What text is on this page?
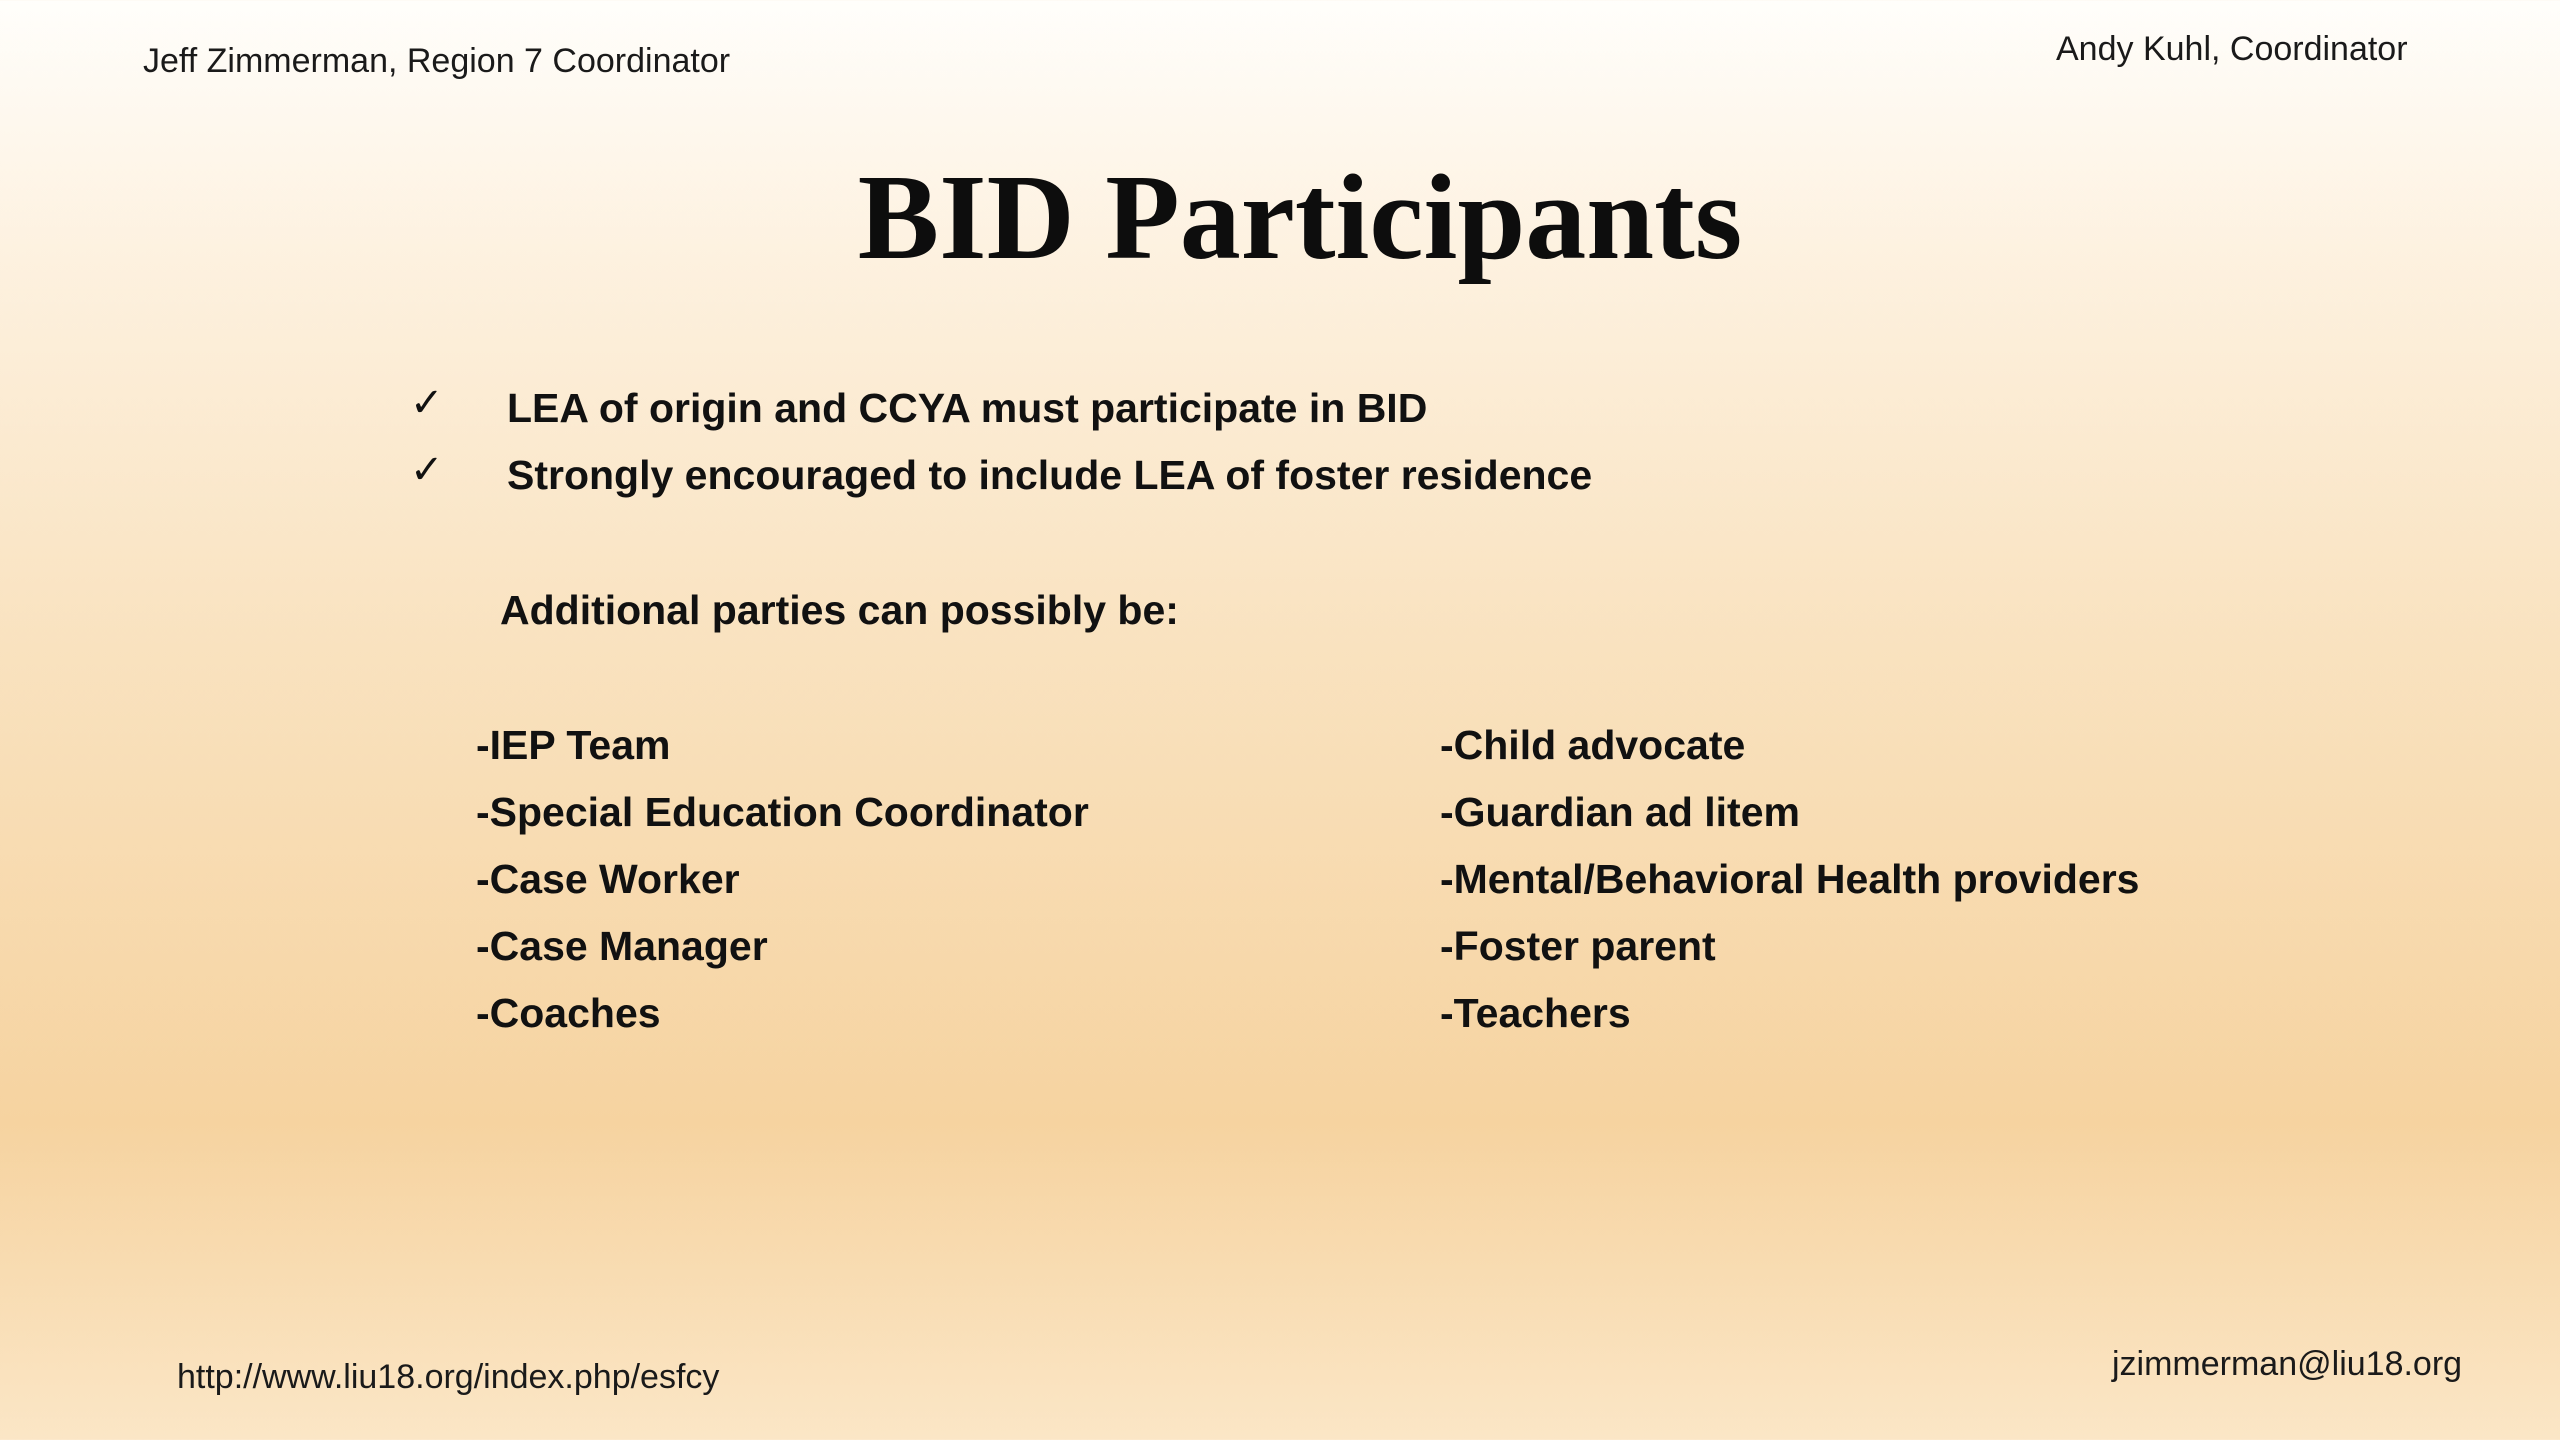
Jeff Zimmerman, Region 7 Coordinator	Andy Kuhl, Coordinator
BID Participants
✓ LEA of origin and CCYA must participate in BID
✓ Strongly encouraged to include LEA of foster residence
Additional parties can possibly be:
-IEP Team
-Special Education Coordinator
-Case Worker
-Case Manager
-Coaches
-Child advocate
-Guardian ad litem
-Mental/Behavioral Health providers
-Foster parent
-Teachers
http://www.liu18.org/index.php/esfcy	jzimmerman@liu18.org
